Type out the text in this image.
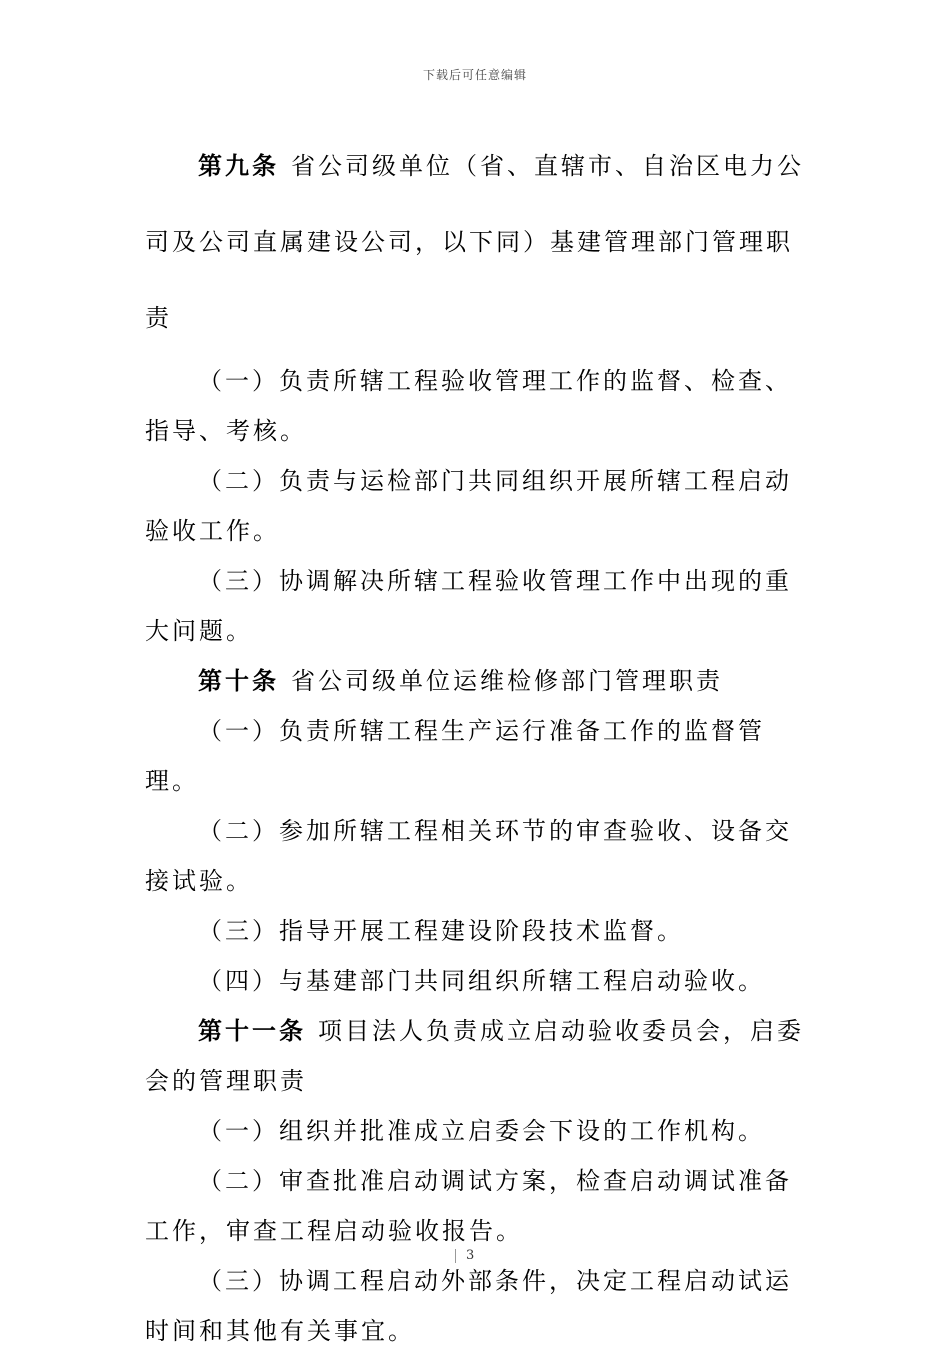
下载后可任意编辑

第九条 省公司级单位（省、直辖市、自治区电力公司及公司直属建设公司，以下同）基建管理部门管理职责

（一）负责所辖工程验收管理工作的监督、检查、指导、考核。

（二）负责与运检部门共同组织开展所辖工程启动验收工作。

（三）协调解决所辖工程验收管理工作中出现的重大问题。

第十条 省公司级单位运维检修部门管理职责

（一）负责所辖工程生产运行准备工作的监督管理。

（二）参加所辖工程相关环节的审查验收、设备交接试验。

（三）指导开展工程建设阶段技术监督。

（四）与基建部门共同组织所辖工程启动验收。

第十一条 项目法人负责成立启动验收委员会，启委会的管理职责

（一）组织并批准成立启委会下设的工作机构。

（二）审查批准启动调试方案，检查启动调试准备工作，审查工程启动验收报告。

（三）协调工程启动外部条件，决定工程启动试运时间和其他有关事宜。

3
